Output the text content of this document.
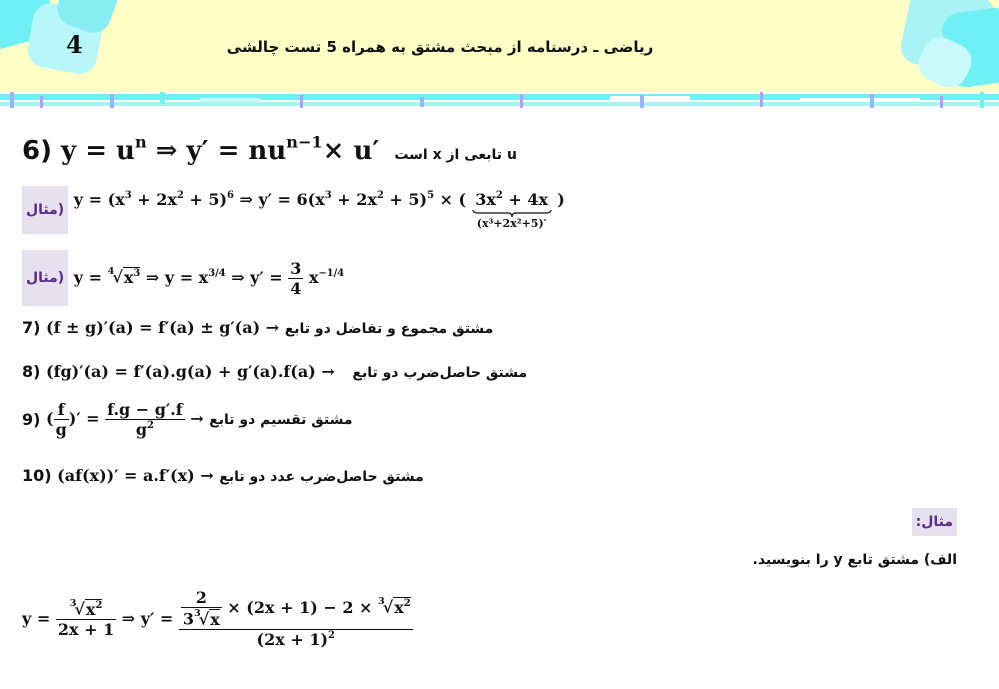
4	ریاضی ـ درسنامه از مبحث مشتق به همراه 5 تست چالشی
6) $y = u^n$ ⇒ $y' = nu^{n-1}\times u'$ u تابعی از x است
مثال) $y = (x^3 + 2x^2 + 5)^6$ ⇒ $y' = 6(x^3 + 2x^2 + 5)^5$ × ( $3x^2 + 4x$
(x³+2x²+5)′
)
مثال) $y = ^4√x^3$ ⇒ $y = x^{3/4}$ ⇒ $y' = \frac{3}{4} x^{-1/4}$
7) (f ± g)′(a) = f′(a) ± g′(a) → مشتق مجموع و تفاضل دو تابع
8) (fg)′(a) = f′(a).g(a) + g′(a).f(a) → مشتق حاصل‌ضرب دو تابع
9) ( $\frac{f}{g}$ )′ = $\frac{f.g - g'.f}{g^2}$ → مشتق تقسیم دو تابع
10) (af(x))′ = a.f′(x) → مشتق حاصل‌ضرب عدد دو تابع
مثال:
الف) مشتق تابع y را بنویسید.
$y = \frac{^3√x^2}{2x + 1}$ ⇒ $y' = \frac{\frac{2}{3^3√x} \times (2x + 1) - 2 \times ^3√x^2}{(2x + 1)^2}$
